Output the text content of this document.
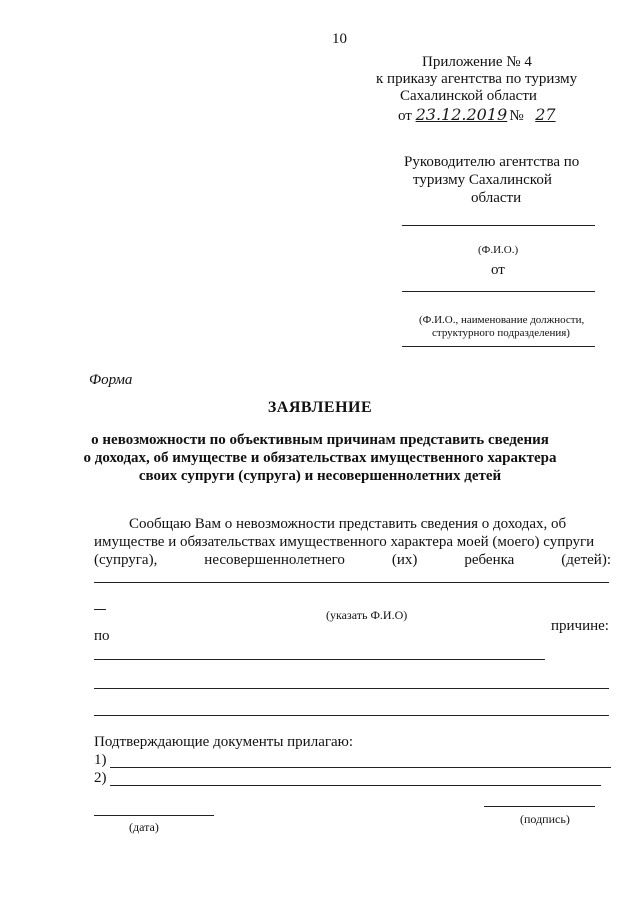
10
Приложение № 4
к приказу агентства по туризму
Сахалинской области
от 23.12.2019 № 27
Руководителю агентства по
туризму Сахалинской
области
(Ф.И.О.)
от
(Ф.И.О., наименование должности,
структурного подразделения)
Форма
ЗАЯВЛЕНИЕ
о невозможности по объективным причинам представить сведения
о доходах, об имуществе и обязательствах имущественного характера
своих супруги (супруга) и несовершеннолетних детей
Сообщаю Вам о невозможности представить сведения о доходах, об
имуществе и обязательствах имущественного характера моей (моего) супруги
(супруга),	несовершеннолетнего	(их)	ребенка	(детей):
(указать Ф.И.О)
причине:
по
Подтверждающие документы прилагаю:
1)
2)
(подпись)
(дата)
